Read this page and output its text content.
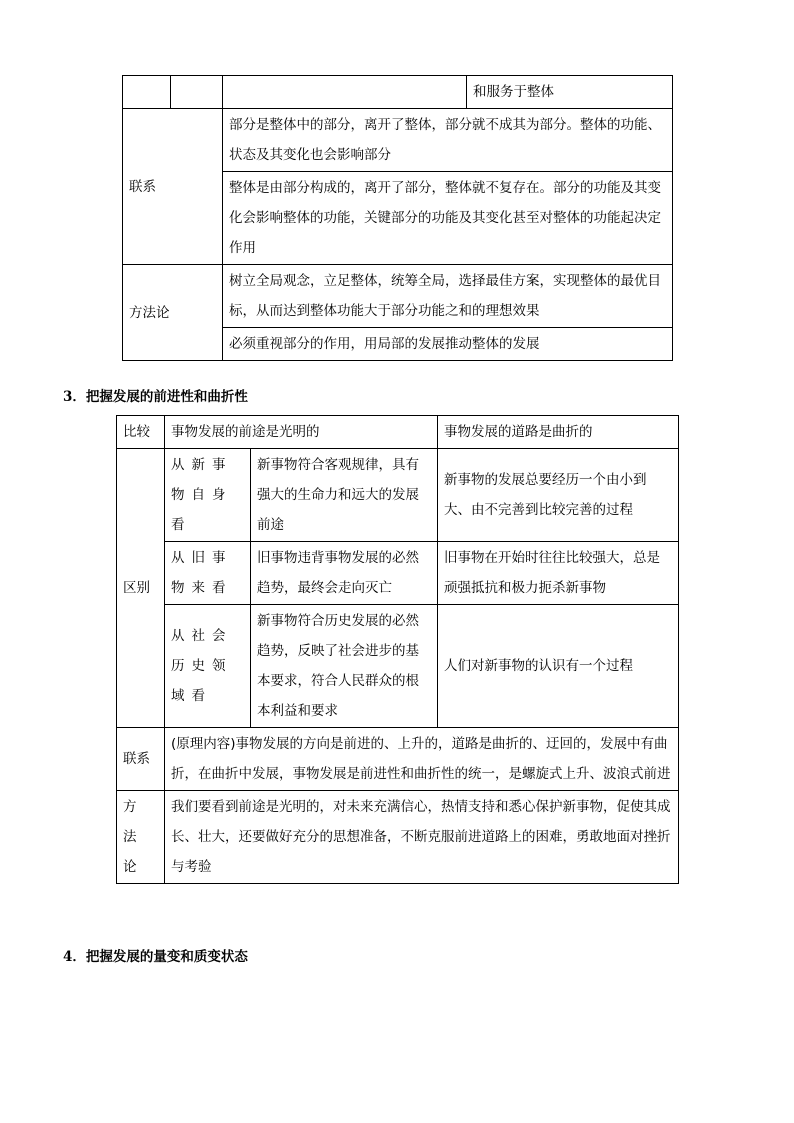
			和服务于整体
联系		部分是整体中的部分，离开了整体，部分就不成其为部分。整体的功能、状态及其变化也会影响部分	
		整体是由部分构成的，离开了部分，整体就不复存在。部分的功能及其变化会影响整体的功能，关键部分的功能及其变化甚至对整体的功能起决定作用	
方法论		树立全局观念，立足整体，统筹全局，选择最佳方案，实现整体的最优目标，从而达到整体功能大于部分功能之和的理想效果	
		必须重视部分的作用，用局部的发展推动整体的发展	
3．把握发展的前进性和曲折性
比较	事物发展的前途是光明的		事物发展的道路是曲折的
区别	从新事物自身看	新事物符合客观规律，具有强大的生命力和远大的发展前途	新事物的发展总要经历一个由小到大、由不完善到比较完善的过程
	从旧事物来看	旧事物违背事物发展的必然趋势，最终会走向灭亡	旧事物在开始时往往比较强大，总是顽强抵抗和极力扼杀新事物
	从社会历史领域看	新事物符合历史发展的必然趋势，反映了社会进步的基本要求，符合人民群众的根本利益和要求	人们对新事物的认识有一个过程
联系	(原理内容)事物发展的方向是前进的、上升的，道路是曲折的、迂回的，发展中有曲折，在曲折中发展，事物发展是前进性和曲折性的统一，是螺旋式上升、波浪式前进		
方法论	我们要看到前途是光明的，对未来充满信心，热情支持和悉心保护新事物，促使其成长、壮大，还要做好充分的思想准备，不断克服前进道路上的困难，勇敢地面对挫折与考验		
4．把握发展的量变和质变状态
